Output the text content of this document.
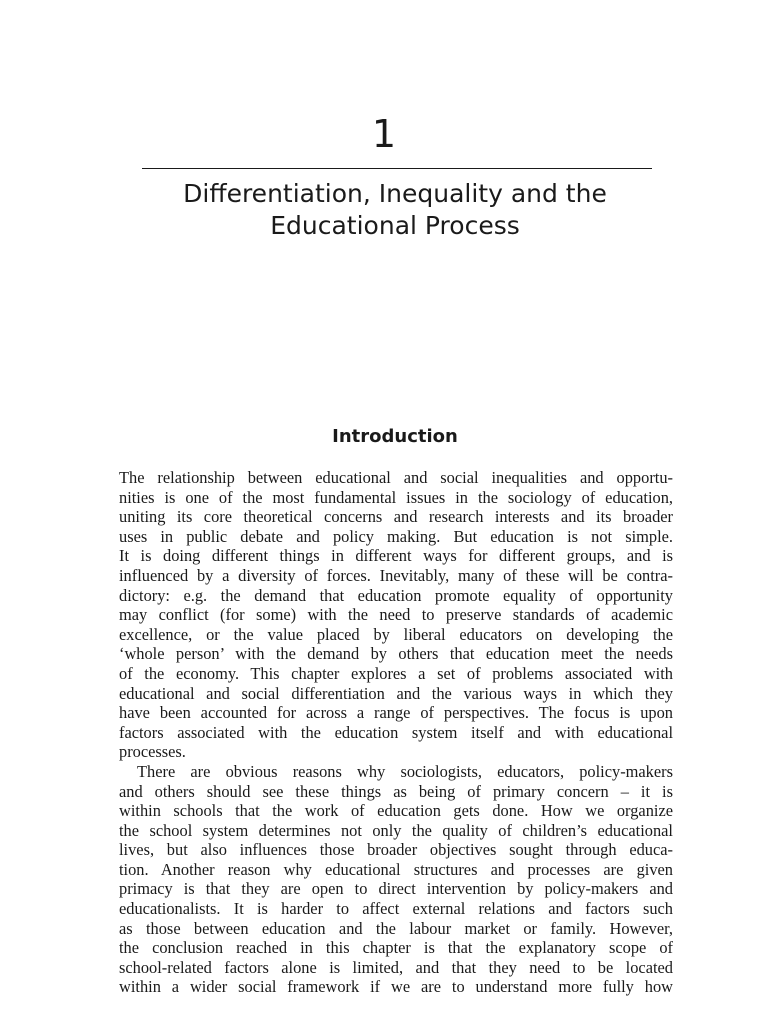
1
Differentiation, Inequality and the
Educational Process
Introduction
The relationship between educational and social inequalities and opportu-
nities is one of the most fundamental issues in the sociology of education,
uniting its core theoretical concerns and research interests and its broader
uses in public debate and policy making. But education is not simple.
It is doing different things in different ways for different groups, and is
influenced by a diversity of forces. Inevitably, many of these will be contra-
dictory: e.g. the demand that education promote equality of opportunity
may conflict (for some) with the need to preserve standards of academic
excellence, or the value placed by liberal educators on developing the
‘whole person’ with the demand by others that education meet the needs
of the economy. This chapter explores a set of problems associated with
educational and social differentiation and the various ways in which they
have been accounted for across a range of perspectives. The focus is upon
factors associated with the education system itself and with educational
processes.
There are obvious reasons why sociologists, educators, policy-makers
and others should see these things as being of primary concern – it is
within schools that the work of education gets done. How we organize
the school system determines not only the quality of children’s educational
lives, but also influences those broader objectives sought through educa-
tion. Another reason why educational structures and processes are given
primacy is that they are open to direct intervention by policy-makers and
educationalists. It is harder to affect external relations and factors such
as those between education and the labour market or family. However,
the conclusion reached in this chapter is that the explanatory scope of
school-related factors alone is limited, and that they need to be located
within a wider social framework if we are to understand more fully how
